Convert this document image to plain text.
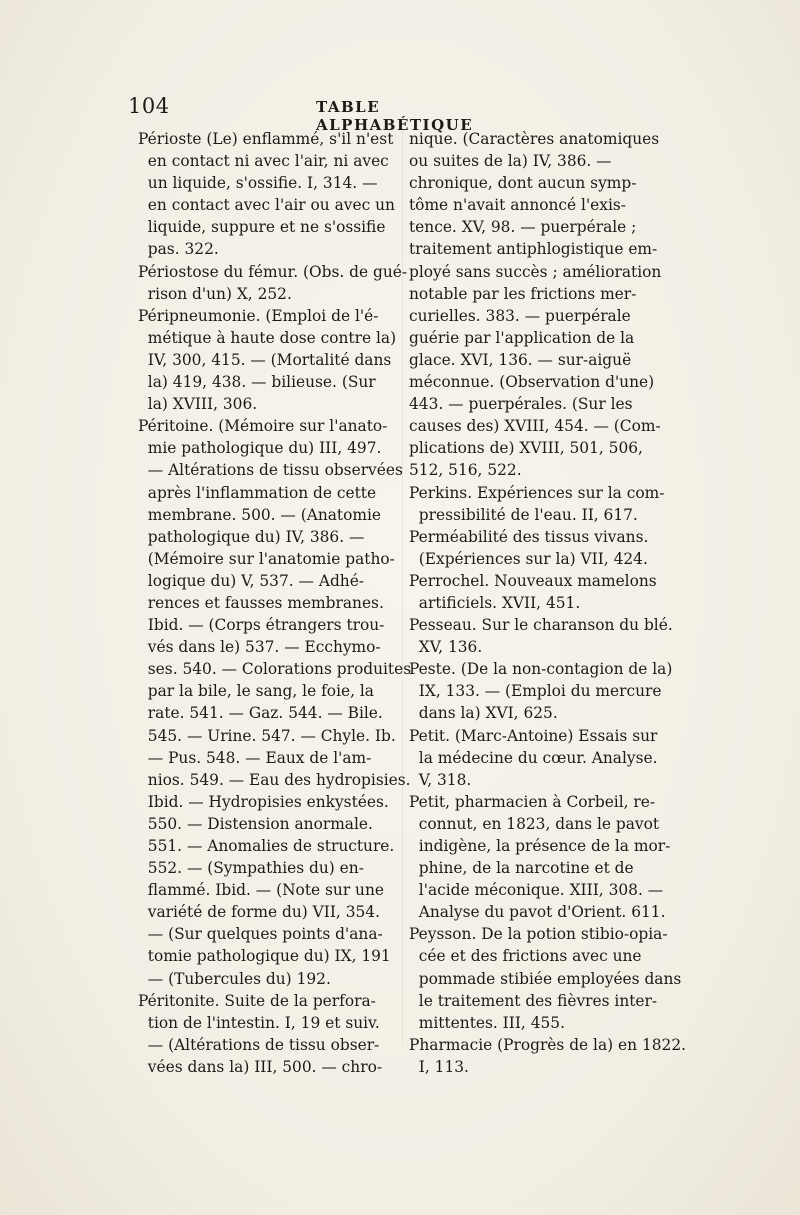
104	TABLE ALPHABÉTIQUE
Périoste (Le) enflammé, s'il n'est
en contact ni avec l'air, ni avec
un liquide, s'ossifie. I, 314. —
en contact avec l'air ou avec un
liquide, suppure et ne s'ossifie
pas. 322.
Périostose du fémur. (Obs. de gué-
rison d'un) X, 252.
Péripneumonie. (Emploi de l'é-
métique à haute dose contre la)
IV, 300, 415. — (Mortalité dans
la) 419, 438. — bilieuse. (Sur
la) XVIII, 306.
Péritoine. (Mémoire sur l'anato-
mie pathologique du) III, 497.
— Altérations de tissu observées
après l'inflammation de cette
membrane. 500. — (Anatomie
pathologique du) IV, 386. —
(Mémoire sur l'anatomie patho-
logique du) V, 537. — Adhé-
rences et fausses membranes.
Ibid. — (Corps étrangers trou-
vés dans le) 537. — Ecchymo-
ses. 540. — Colorations produites
par la bile, le sang, le foie, la
rate. 541. — Gaz. 544. — Bile.
545. — Urine. 547. — Chyle. Ib.
— Pus. 548. — Eaux de l'am-
nios. 549. — Eau des hydropisies.
Ibid. — Hydropisies enkystées.
550. — Distension anormale.
551. — Anomalies de structure.
552. — (Sympathies du) en-
flammé. Ibid. — (Note sur une
variété de forme du) VII, 354.
— (Sur quelques points d'ana-
tomie pathologique du) IX, 191
— (Tubercules du) 192.
Péritonite. Suite de la perfora-
tion de l'intestin. I, 19 et suiv.
— (Altérations de tissu obser-
vées dans la) III, 500. — chro-
nique. (Caractères anatomiques
ou suites de la) IV, 386. —
chronique, dont aucun symp-
tôme n'avait annoncé l'exis-
tence. XV, 98. — puerpérale ;
traitement antiphlogistique em-
ployé sans succès ; amélioration
notable par les frictions mer-
curielles. 383. — puerpérale
guérie par l'application de la
glace. XVI, 136. — sur-aiguë
méconnue. (Observation d'une)
443. — puerpérales. (Sur les
causes des) XVIII, 454. — (Com-
plications de) XVIII, 501, 506,
512, 516, 522.
Perkins. Expériences sur la com-
pressibilité de l'eau. II, 617.
Perméabilité des tissus vivans.
(Expériences sur la) VII, 424.
Perrochel. Nouveaux mamelons
artificiels. XVII, 451.
Pesseau. Sur le charanson du blé.
XV, 136.
Peste. (De la non-contagion de la)
IX, 133. — (Emploi du mercure
dans la) XVI, 625.
Petit. (Marc-Antoine) Essais sur
la médecine du cœur. Analyse.
V, 318.
Petit, pharmacien à Corbeil, re-
connut, en 1823, dans le pavot
indigène, la présence de la mor-
phine, de la narcotine et de
l'acide méconique. XIII, 308. —
Analyse du pavot d'Orient. 611.
Peysson. De la potion stibio-opia-
cée et des frictions avec une
pommade stibiée employées dans
le traitement des fièvres inter-
mittentes. III, 455.
Pharmacie (Progrès de la) en 1822.
I, 113.
